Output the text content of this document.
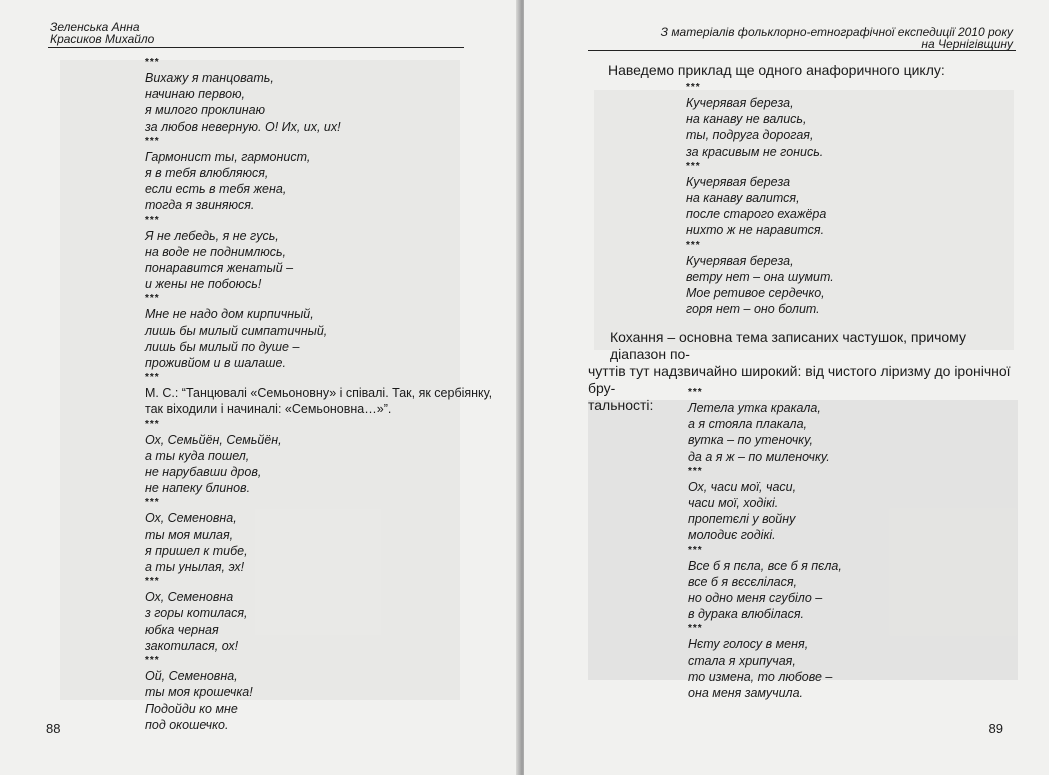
Зеленська Анна
Красиков Михайло
***
Вихажу я танцовать,
начинаю первою,
я милого проклинаю
за любов неверную. О! Их, их, их!
***
Гармонист ты, гармонист,
я в тебя влюбляюся,
если есть в тебя жена,
тогда я звиняюся.
***
Я не лебедь, я не гусь,
на воде не поднимлюсь,
понаравится женатый –
и жены не побоюсь!
***
Мне не надо дом кирпичный,
лишь бы милый симпатичный,
лишь бы милый по душе –
проживйом и в шалаше.
***
М. С.: “Танцювалі «Семьоновну» і співалі. Так, як сербіянку,
так віходили і начиналі: «Семьоновна…»”.
***
Ох, Семьйён, Семьйён,
а ты куда пошел,
не нарубавши дров,
не напеку блинов.
***
Ох, Семеновна,
ты моя милая,
я пришел к тибе,
а ты унылая, эх!
***
Ох, Семеновна
з горы котилася,
юбка черная
закотилася, ох!
***
Ой, Семеновна,
ты моя крошечка!
Подойди ко мне
под окошечко.
88
З матеріалів фольклорно-етнографічної експедиції 2010 року
на Чернігівщину
Наведемо приклад ще одного анафоричного циклу:
***
Кучерявая береза,
на канаву не вались,
ты, подруга дорогая,
за красивым не гонись.
***
Кучерявая береза
на канаву валится,
после старого ехажёра
нихто ж не наравится.
***
Кучерявая береза,
ветру нет – она шумит.
Мое ретивое сердечко,
горя нет – оно болит.
Кохання – основна тема записаних частушок, причому діапазон по-
чуттів тут надзвичайно широкий: від чистого ліризму до іронічної бру-
тальності:
***
Летела утка кракала,
а я стояла плакала,
вутка – по утеночку,
да а я ж – по миленочку.
***
Ох, часи мої, часи,
часи мої, ходікі.
пропетєлі у войну
молодиє годікі.
***
Все б я пєла, все б я пєла,
все б я вєсєлілася,
но одно меня сгубіло –
в дурака влюбілася.
***
Нєту голосу в меня,
стала я хрипучая,
то измена, то любове –
она меня замучила.
89
